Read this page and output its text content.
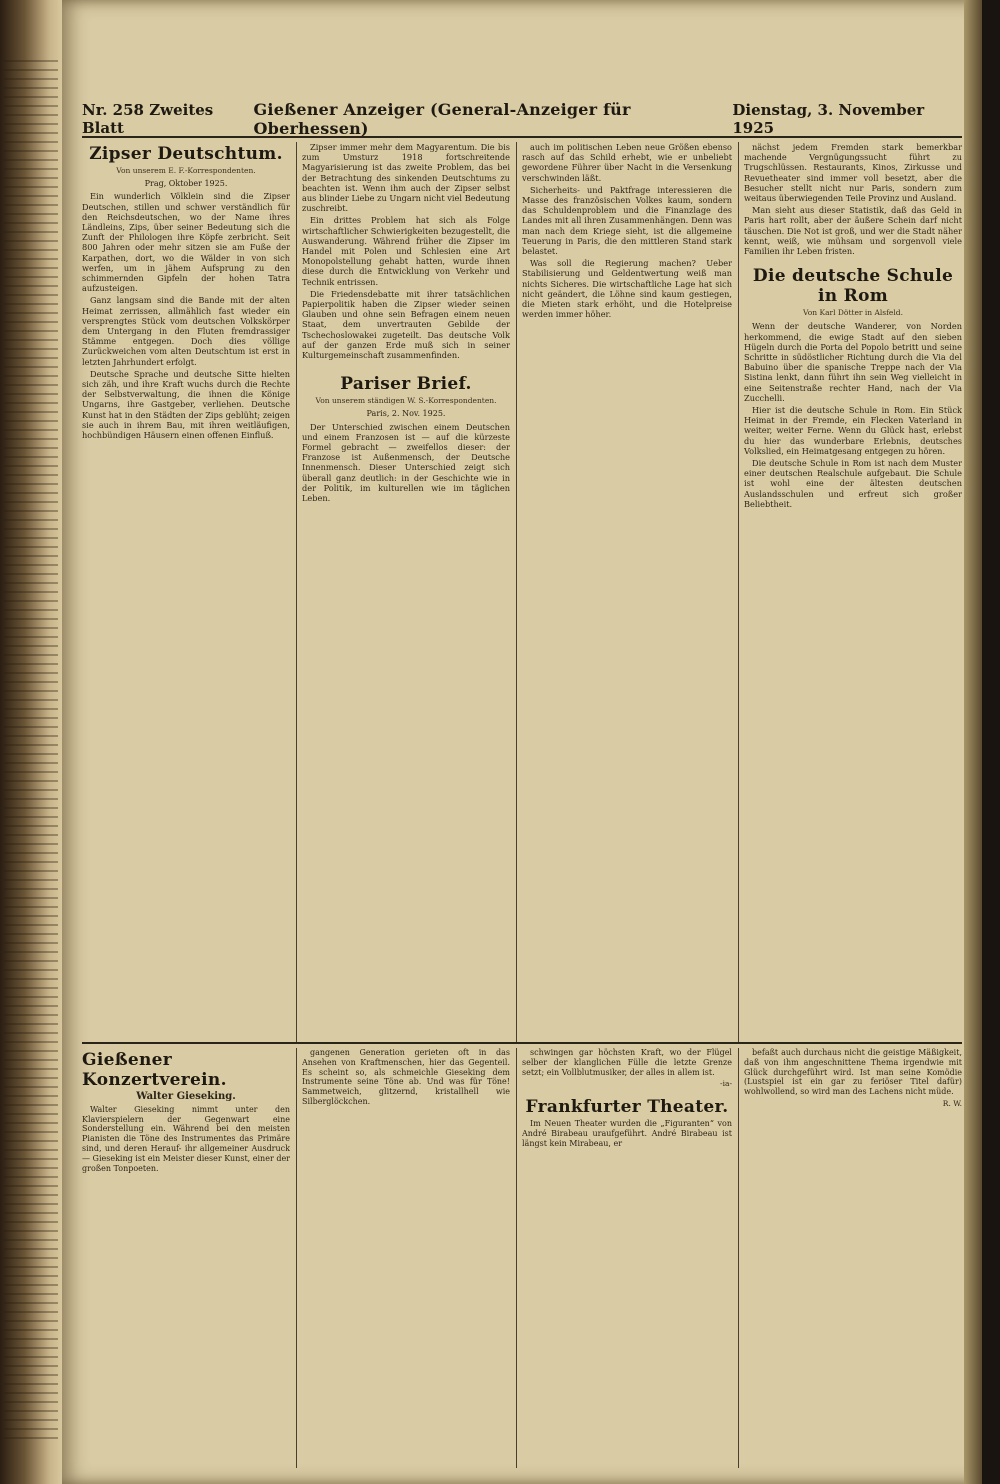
Nr. 258 Zweites Blatt
Gießener Anzeiger (General-Anzeiger für Oberhessen)
Dienstag, 3. November 1925
Zipser Deutschtum.
Von unserem E. F.-Korrespondenten.
Prag, Oktober 1925.

Ein wunderlich Völklein sind die Zipser Deutschen, stillen und schwer verständlich für den Reichsdeutschen, wo der Name ihres Ländleins, Zips, über seiner Bedeutung sich die Zunft der Philologen ihre Köpfe zerbricht. Seit 800 Jahren oder mehr sitzen sie am Fuße der Karpathen, dort, wo die Wälder in von sich werfen, um in jähem Aufsprung zu den schimmernden Gipfeln der hohen Tatra aufzusteigen.

Ganz langsam sind die Bande mit der alten Heimat zerrissen, allmählich fast wieder ein versprengtes Stück vom deutschen Volkskörper dem Untergang in den Fluten fremdrassiger Stämme entgegen. Doch dies völlige Zurückweichen vom alten Deutschtum ist erst in letzten Jahrhundert erfolgt.

Deutsche Sprache und deutsche Sitte hielten sich zäh, und ihre Kraft wuchs durch die Rechte der Selbstverwaltung, die ihnen die Könige Ungarns, ihre Gastgeber, verliehen. Deutsche Kunst hat in den Städten der Zips geblüht; zeigen sie auch in ihrem Bau, mit ihren weitläufigen, hochbündigen Häusern einen offenen Einfluß.

Zipser immer mehr dem Magyarentum. Die bis zum Umsturz 1918 fortschreitende Magyarisierung ist das zweite Problem, das bei der Betrachtung des sinkenden Deutschtums zu beachten ist. Wenn ihm auch der Zipser selbst aus blinder Liebe zu Ungarn nicht viel Bedeutung zuschreibt.

Ein drittes Problem hat sich als Folge wirtschaftlicher Schwierigkeiten bezugestellt, die Auswanderung. Während früher die Zipser im Handel mit Polen und Schlesien eine Art Monopolstellung gehabt hatten, wurde ihnen diese durch die Entwicklung von Verkehr und Technik entrissen.

Die Friedensdebatte mit ihrer tatsächlichen Papierpolitik haben die Zipser wieder seinen Glauben und ohne sein Befragen einem neuen Staat, dem unvertrauten Gebilde der Tschechoslowakei zugeteilt. Das deutsche Volk auf der ganzen Erde muß sich in seiner Kulturgemeinschaft zusammenfinden.

Pariser Brief.
Von unserem ständigen W. S.-Korrespondenten.
Paris, 2. Nov. 1925.

Der Unterschied zwischen einem Deutschen und einem Franzosen ist — auf die kürzeste Formel gebracht — zweifellos dieser: der Franzose ist Außenmensch, der Deutsche Innenmensch. Dieser Unterschied zeigt sich überall ganz deutlich: in der Geschichte wie in der Politik, im kulturellen wie im täglichen Leben.

auch im politischen Leben neue Größen ebenso rasch auf das Schild erhebt, wie er unbeliebt gewordene Führer über Nacht in die Versenkung verschwinden läßt.

Sicherheits- und Paktfrage interessieren die Masse des französischen Volkes kaum, sondern das Schuldenproblem und die Finanzlage des Landes mit all ihren Zusammenhängen. Denn was man nach dem Kriege sieht, ist die allgemeine Teuerung in Paris, die den mittleren Stand stark belastet.

Was soll die Regierung machen? Ueber Stabilisierung und Geldentwertung weiß man nichts Sicheres. Die wirtschaftliche Lage hat sich nicht geändert, die Löhne sind kaum gestiegen, die Mieten stark erhöht, und die Hotelpreise werden immer höher.

nächst jedem Fremden stark bemerkbar machende Vergnügungssucht führt zu Trugschlüssen. Restaurants, Kinos, Zirkusse und Revuetheater sind immer voll besetzt, aber die Besucher stellt nicht nur Paris, sondern zum weitaus überwiegenden Teile Provinz und Ausland.

Man sieht aus dieser Statistik, daß das Geld in Paris hart rollt, aber der äußere Schein darf nicht täuschen. Die Not ist groß, und wer die Stadt näher kennt, weiß, wie mühsam und sorgenvoll viele Familien ihr Leben fristen.

Die deutsche Schule in Rom
Von Karl Dötter in Alsfeld.

Wenn der deutsche Wanderer, von Norden herkommend, die ewige Stadt auf den sieben Hügeln durch die Porta del Popolo betritt und seine Schritte in südöstlicher Richtung durch die Via del Babuino über die spanische Treppe nach der Via Sistina lenkt, dann führt ihn sein Weg vielleicht in eine Seitenstraße rechter Hand, nach der Via Zucchelli.

Hier ist die deutsche Schule in Rom. Ein Stück Heimat in der Fremde, ein Flecken Vaterland in weiter, weiter Ferne. Wenn du Glück hast, erlebst du hier das wunderbare Erlebnis, deutsches Volkslied, ein Heimatgesang entgegen zu hören.

Die deutsche Schule in Rom ist nach dem Muster einer deutschen Realschule aufgebaut. Die Schule ist wohl eine der ältesten deutschen Auslandsschulen und erfreut sich großer Beliebtheit.

Gießener Konzertverein.
Walter Gieseking.

Walter Gieseking nimmt unter den Klavierspielern der Gegenwart eine Sonderstellung ein. Während bei den meisten Pianisten die Töne des Instrumentes das Primäre sind, und deren Herauf- ihr allgemeiner Ausdruck — Gieseking ist ein Meister dieser Kunst, einer der großen Tonpoeten.

gangenen Generation gerieten oft in das Ansehen von Kraftmenschen, hier das Gegenteil. Es scheint so, als schmeichle Gieseking dem Instrumente seine Töne ab. Und was für Töne! Sammetweich, glitzernd, kristallhell wie Silberglöckchen.

schwingen gar höchsten Kraft, wo der Flügel selber der klanglichen Fülle die letzte Grenze setzt; ein Vollblutmusiker, der alles in allem ist.

-ia-
Frankfurter Theater.

Im Neuen Theater wurden die „Figuranten“ von André Birabeau uraufgeführt. André Birabeau ist längst kein Mirabeau, er

befaßt auch durchaus nicht die geistige Mäßigkeit, daß von ihm angeschnittene Thema irgendwie mit Glück durchgeführt wird. Ist man seine Komödie (Lustspiel ist ein gar zu feriöser Titel dafür) wohlwollend, so wird man des Lachens nicht müde.

R. W.
